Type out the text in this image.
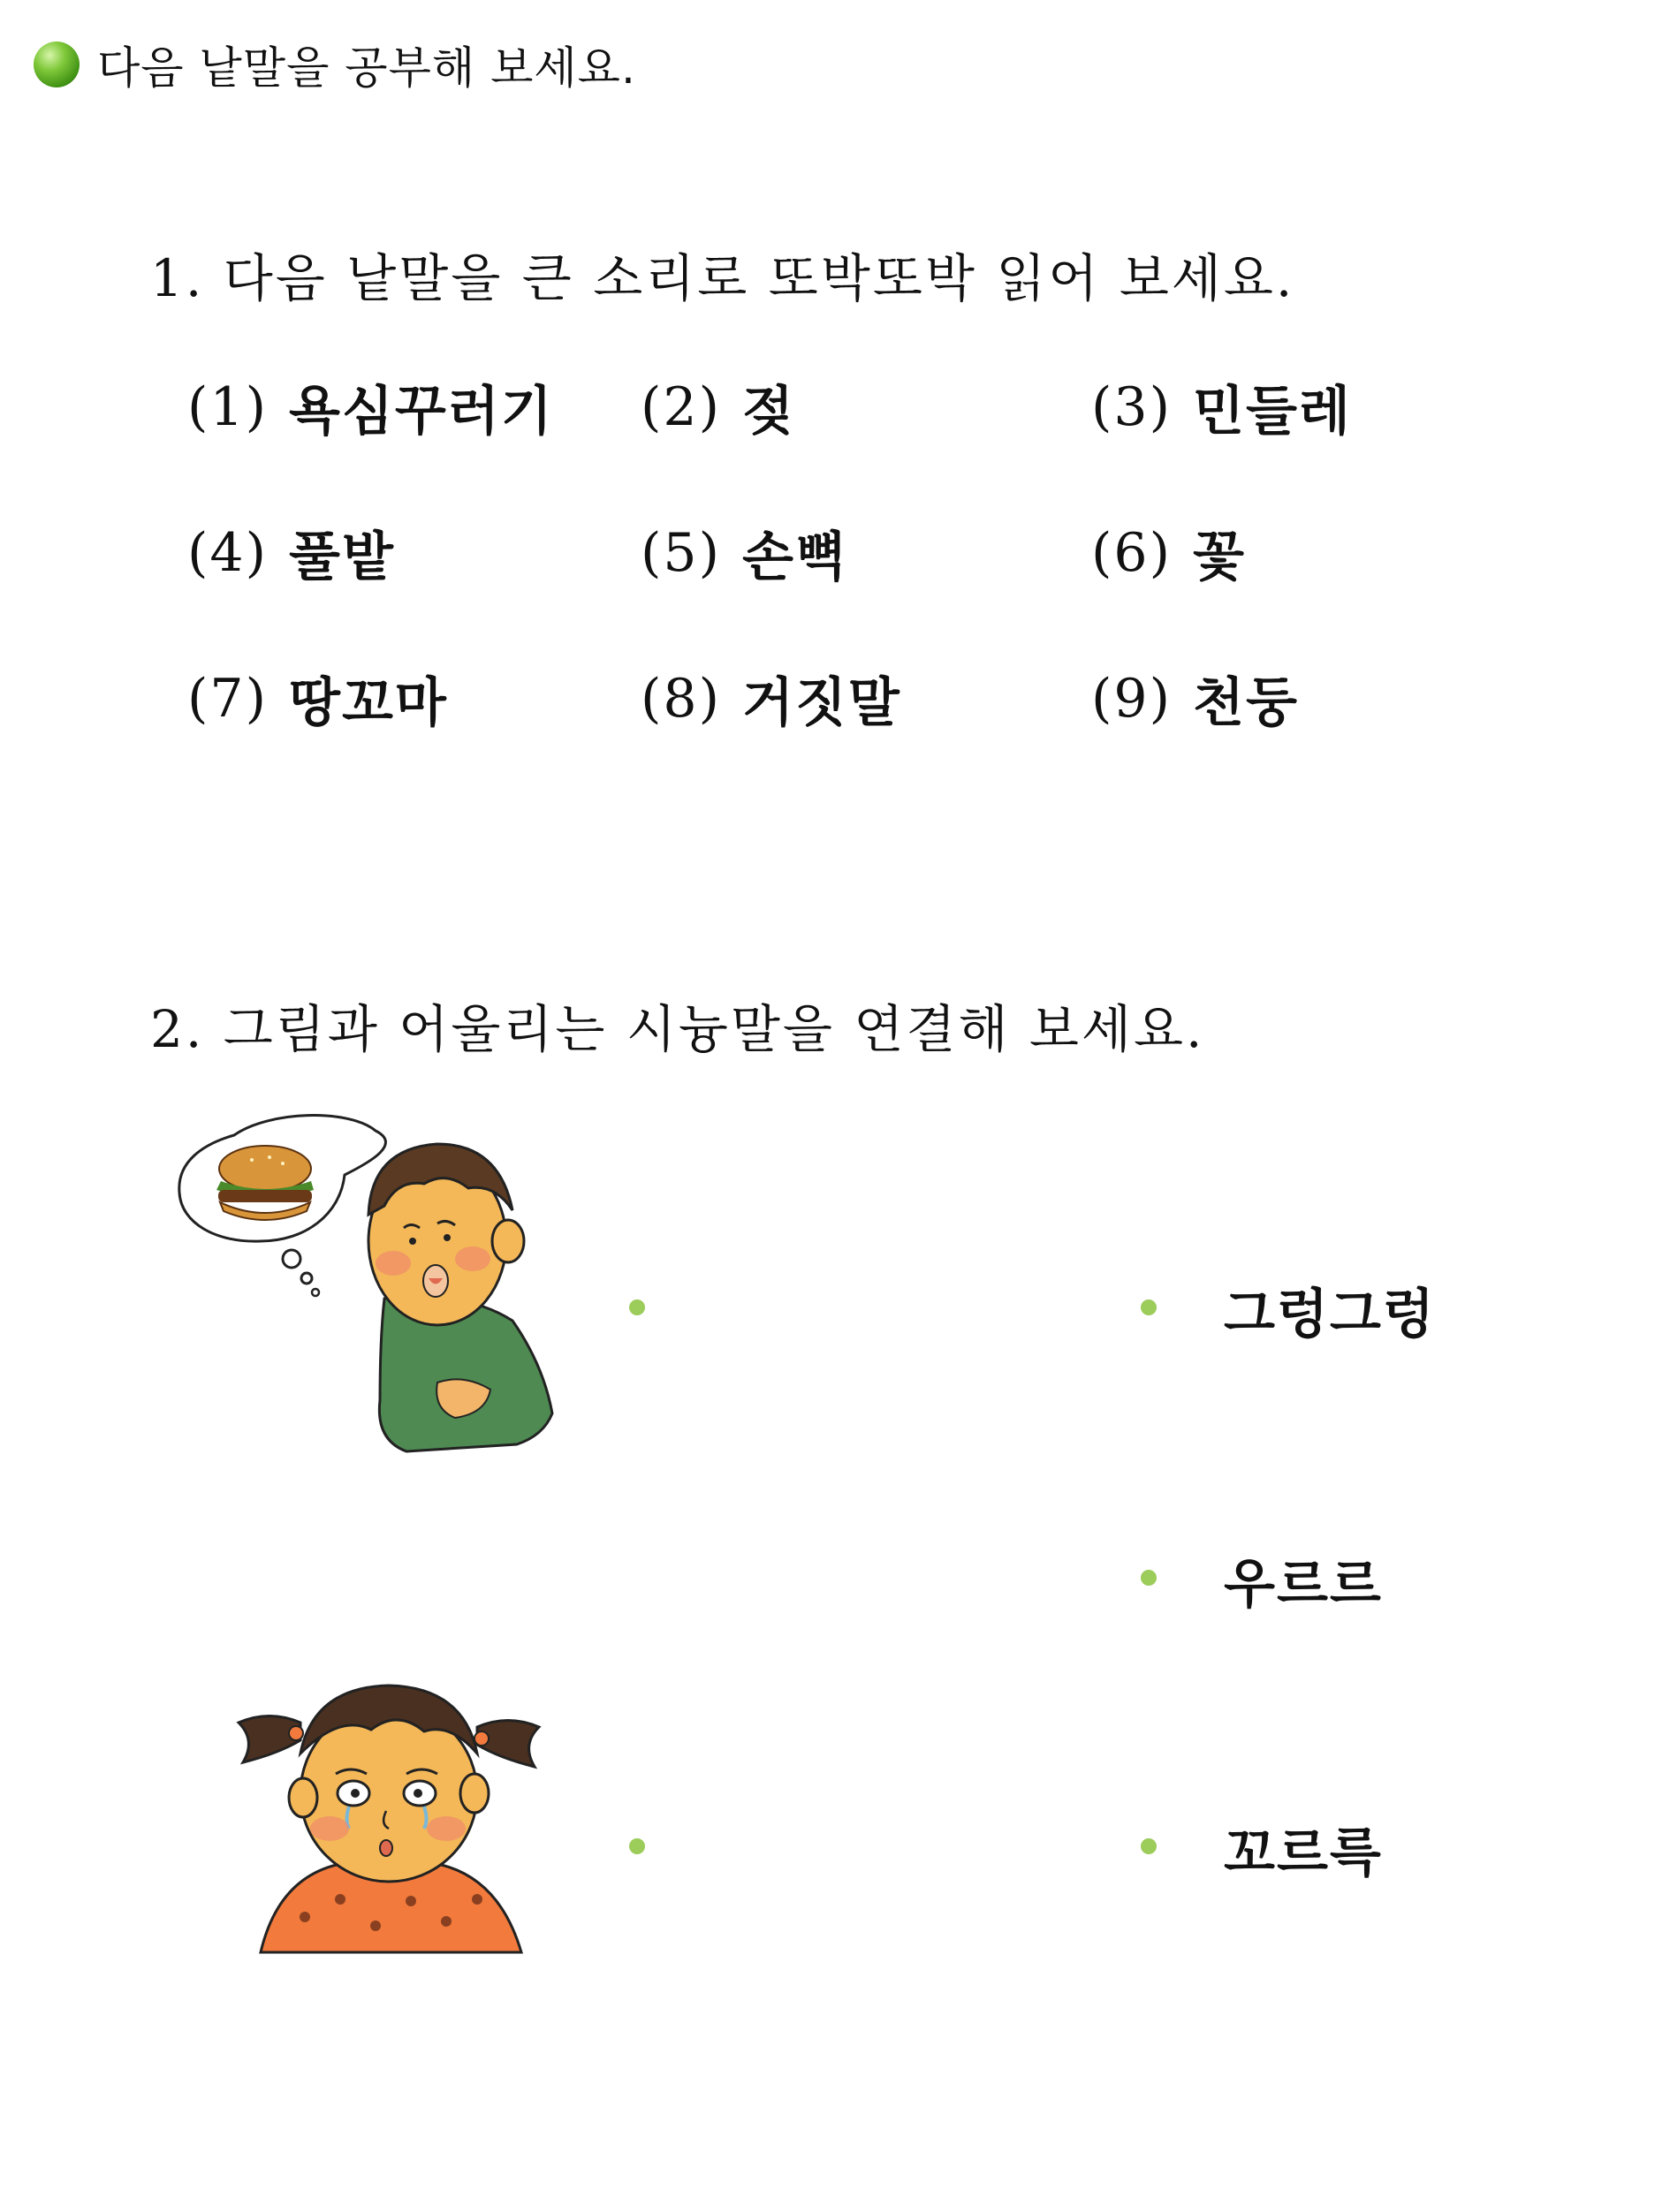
다음 낱말을 공부해 보세요.
1. 다음 낱말을 큰 소리로 또박또박 읽어 보세요.
(1) 욕심꾸러기 (2) 젖	(3) 민들레
(4) 풀밭	(5) 손뼉	(6) 꽃
(7) 땅꼬마	(8) 거짓말	(9) 천둥
2. 그림과 어울리는 시늉말을 연결해 보세요.
그렁그렁
우르르
꼬르륵
